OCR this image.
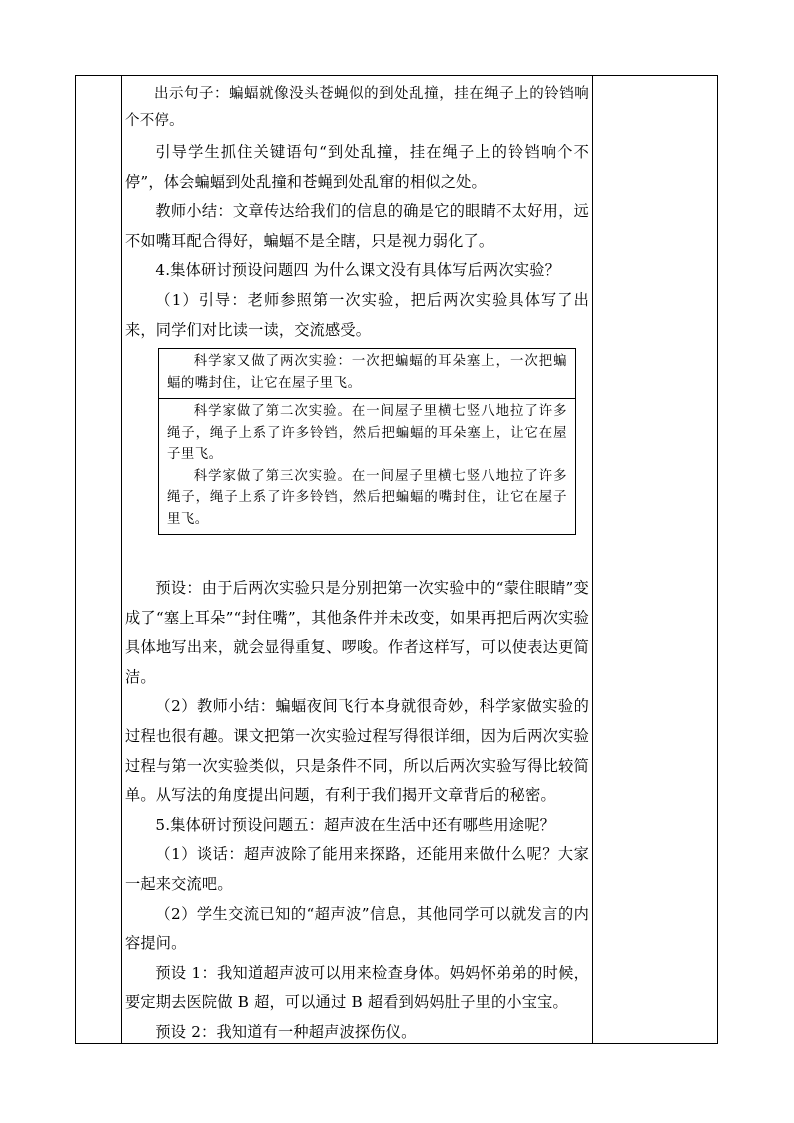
出示句子：蝙蝠就像没头苍蝇似的到处乱撞，挂在绳子上的铃铛响个不停。

引导学生抓住关键语句“到处乱撞，挂在绳子上的铃铛响个不停”，体会蝙蝠到处乱撞和苍蝇到处乱窜的相似之处。

教师小结：文章传达给我们的信息的确是它的眼睛不太好用，远不如嘴耳配合得好，蝙蝠不是全瞎，只是视力弱化了。

4.集体研讨预设问题四 为什么课文没有具体写后两次实验？

（1）引导：老师参照第一次实验，把后两次实验具体写了出来，同学们对比读一读，交流感受。

科学家又做了两次实验：一次把蝙蝠的耳朵塞上，一次把蝙蝠的嘴封住，让它在屋子里飞。

科学家做了第二次实验。在一间屋子里横七竖八地拉了许多绳子，绳子上系了许多铃铛，然后把蝙蝠的耳朵塞上，让它在屋子里飞。

科学家做了第三次实验。在一间屋子里横七竖八地拉了许多绳子，绳子上系了许多铃铛，然后把蝙蝠的嘴封住，让它在屋子里飞。

预设：由于后两次实验只是分别把第一次实验中的“蒙住眼睛”变成了“塞上耳朵”“封住嘴”，其他条件并未改变，如果再把后两次实验具体地写出来，就会显得重复、啰唆。作者这样写，可以使表达更简洁。

（2）教师小结：蝙蝠夜间飞行本身就很奇妙，科学家做实验的过程也很有趣。课文把第一次实验过程写得很详细，因为后两次实验过程与第一次实验类似，只是条件不同，所以后两次实验写得比较简单。从写法的角度提出问题，有利于我们揭开文章背后的秘密。

5.集体研讨预设问题五：超声波在生活中还有哪些用途呢？

（1）谈话：超声波除了能用来探路，还能用来做什么呢？大家一起来交流吧。

（2）学生交流已知的“超声波”信息，其他同学可以就发言的内容提问。

预设 1：我知道超声波可以用来检查身体。妈妈怀弟弟的时候，要定期去医院做 B 超，可以通过 B 超看到妈妈肚子里的小宝宝。

预设 2：我知道有一种超声波探伤仪。
